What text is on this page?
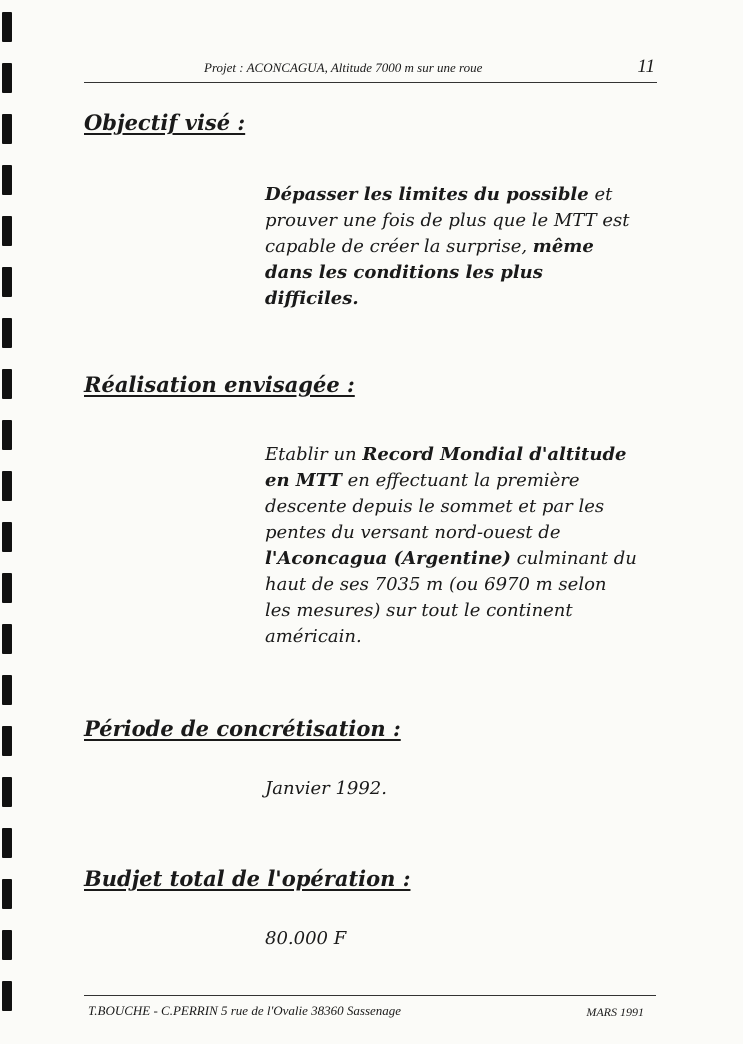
Projet : ACONCAGUA, Altitude 7000 m sur une roue	11
Objectif visé :
Dépasser les limites du possible et
prouver une fois de plus que le MTT est
capable de créer la surprise, même
dans les conditions les plus
difficiles.
Réalisation envisagée :
Etablir un Record Mondial d'altitude
en MTT en effectuant la première
descente depuis le sommet et par les
pentes du versant nord-ouest de
l'Aconcagua (Argentine) culminant du
haut de ses 7035 m (ou 6970 m selon
les mesures) sur tout le continent
américain.
Période de concrétisation :
Janvier 1992.
Budjet total de l'opération :
80.000 F
T.BOUCHE - C.PERRIN 5 rue de l'Ovalie 38360 Sassenage	MARS 1991
